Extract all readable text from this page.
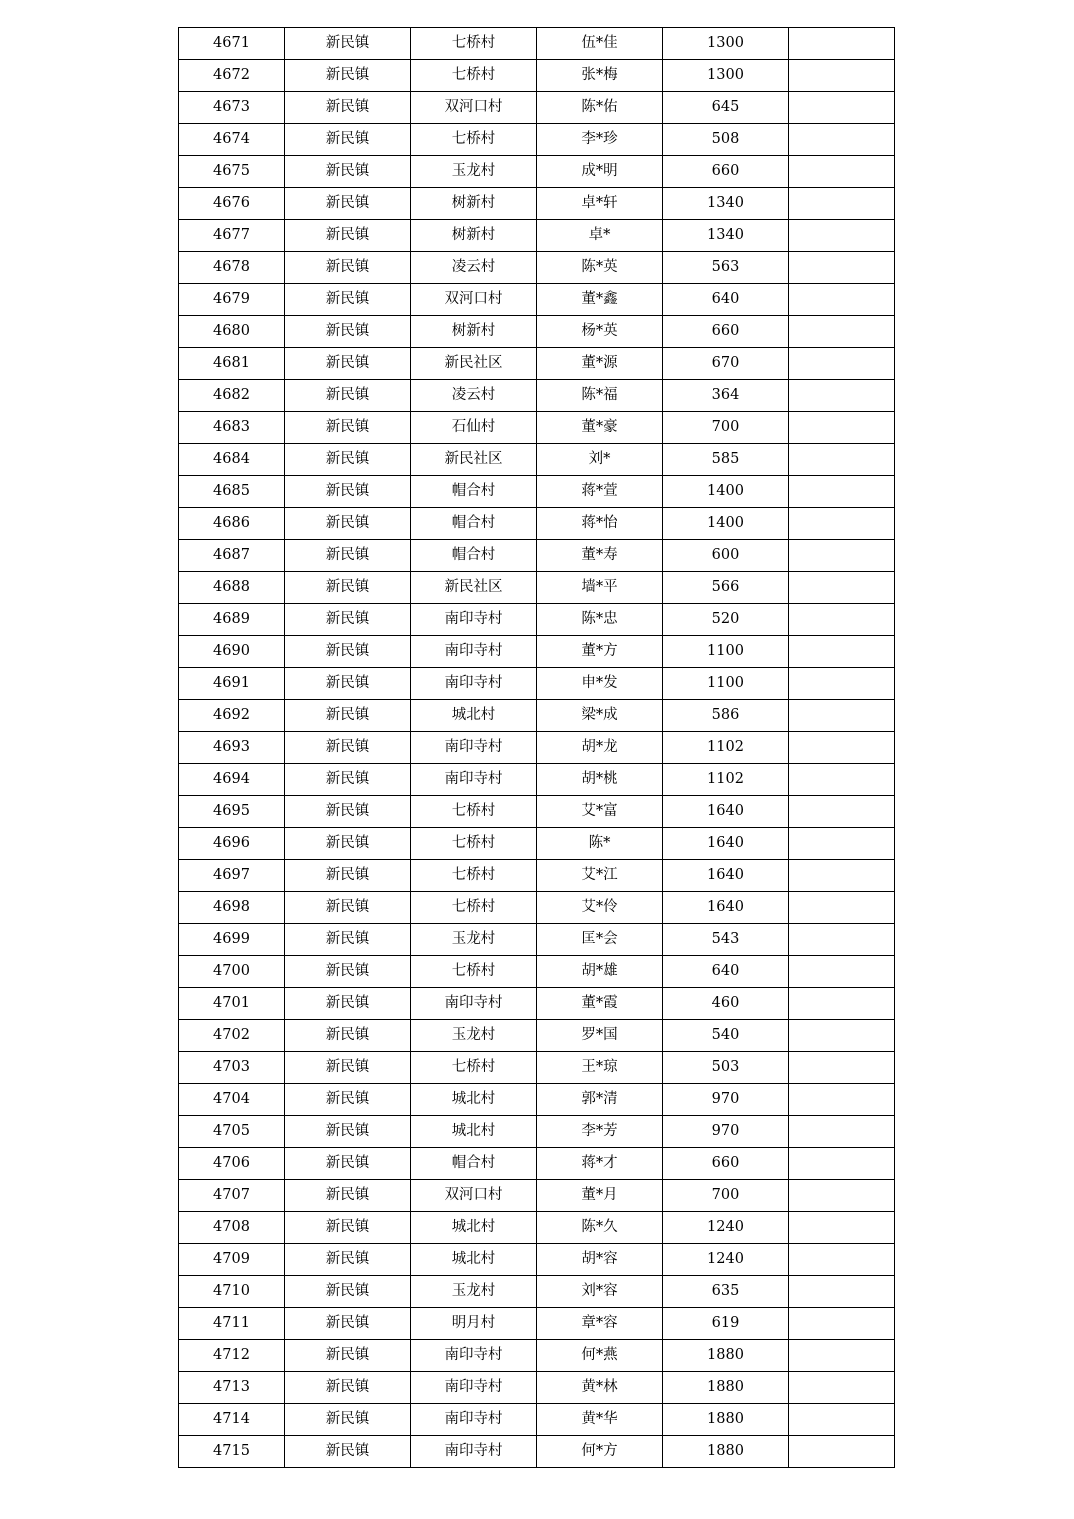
4671	新民镇	七桥村	伍*佳	1300	
4672	新民镇	七桥村	张*梅	1300	
4673	新民镇	双河口村	陈*佑	645	
4674	新民镇	七桥村	李*珍	508	
4675	新民镇	玉龙村	成*明	660	
4676	新民镇	树新村	卓*轩	1340	
4677	新民镇	树新村	卓*	1340	
4678	新民镇	凌云村	陈*英	563	
4679	新民镇	双河口村	董*鑫	640	
4680	新民镇	树新村	杨*英	660	
4681	新民镇	新民社区	董*源	670	
4682	新民镇	凌云村	陈*福	364	
4683	新民镇	石仙村	董*豪	700	
4684	新民镇	新民社区	刘*	585	
4685	新民镇	帽合村	蒋*萱	1400	
4686	新民镇	帽合村	蒋*怡	1400	
4687	新民镇	帽合村	董*寿	600	
4688	新民镇	新民社区	墙*平	566	
4689	新民镇	南印寺村	陈*忠	520	
4690	新民镇	南印寺村	董*方	1100	
4691	新民镇	南印寺村	申*发	1100	
4692	新民镇	城北村	梁*成	586	
4693	新民镇	南印寺村	胡*龙	1102	
4694	新民镇	南印寺村	胡*桃	1102	
4695	新民镇	七桥村	艾*富	1640	
4696	新民镇	七桥村	陈*	1640	
4697	新民镇	七桥村	艾*江	1640	
4698	新民镇	七桥村	艾*伶	1640	
4699	新民镇	玉龙村	匡*会	543	
4700	新民镇	七桥村	胡*雄	640	
4701	新民镇	南印寺村	董*霞	460	
4702	新民镇	玉龙村	罗*国	540	
4703	新民镇	七桥村	王*琼	503	
4704	新民镇	城北村	郭*清	970	
4705	新民镇	城北村	李*芳	970	
4706	新民镇	帽合村	蒋*才	660	
4707	新民镇	双河口村	董*月	700	
4708	新民镇	城北村	陈*久	1240	
4709	新民镇	城北村	胡*容	1240	
4710	新民镇	玉龙村	刘*容	635	
4711	新民镇	明月村	章*容	619	
4712	新民镇	南印寺村	何*燕	1880	
4713	新民镇	南印寺村	黄*林	1880	
4714	新民镇	南印寺村	黄*华	1880	
4715	新民镇	南印寺村	何*方	1880	
